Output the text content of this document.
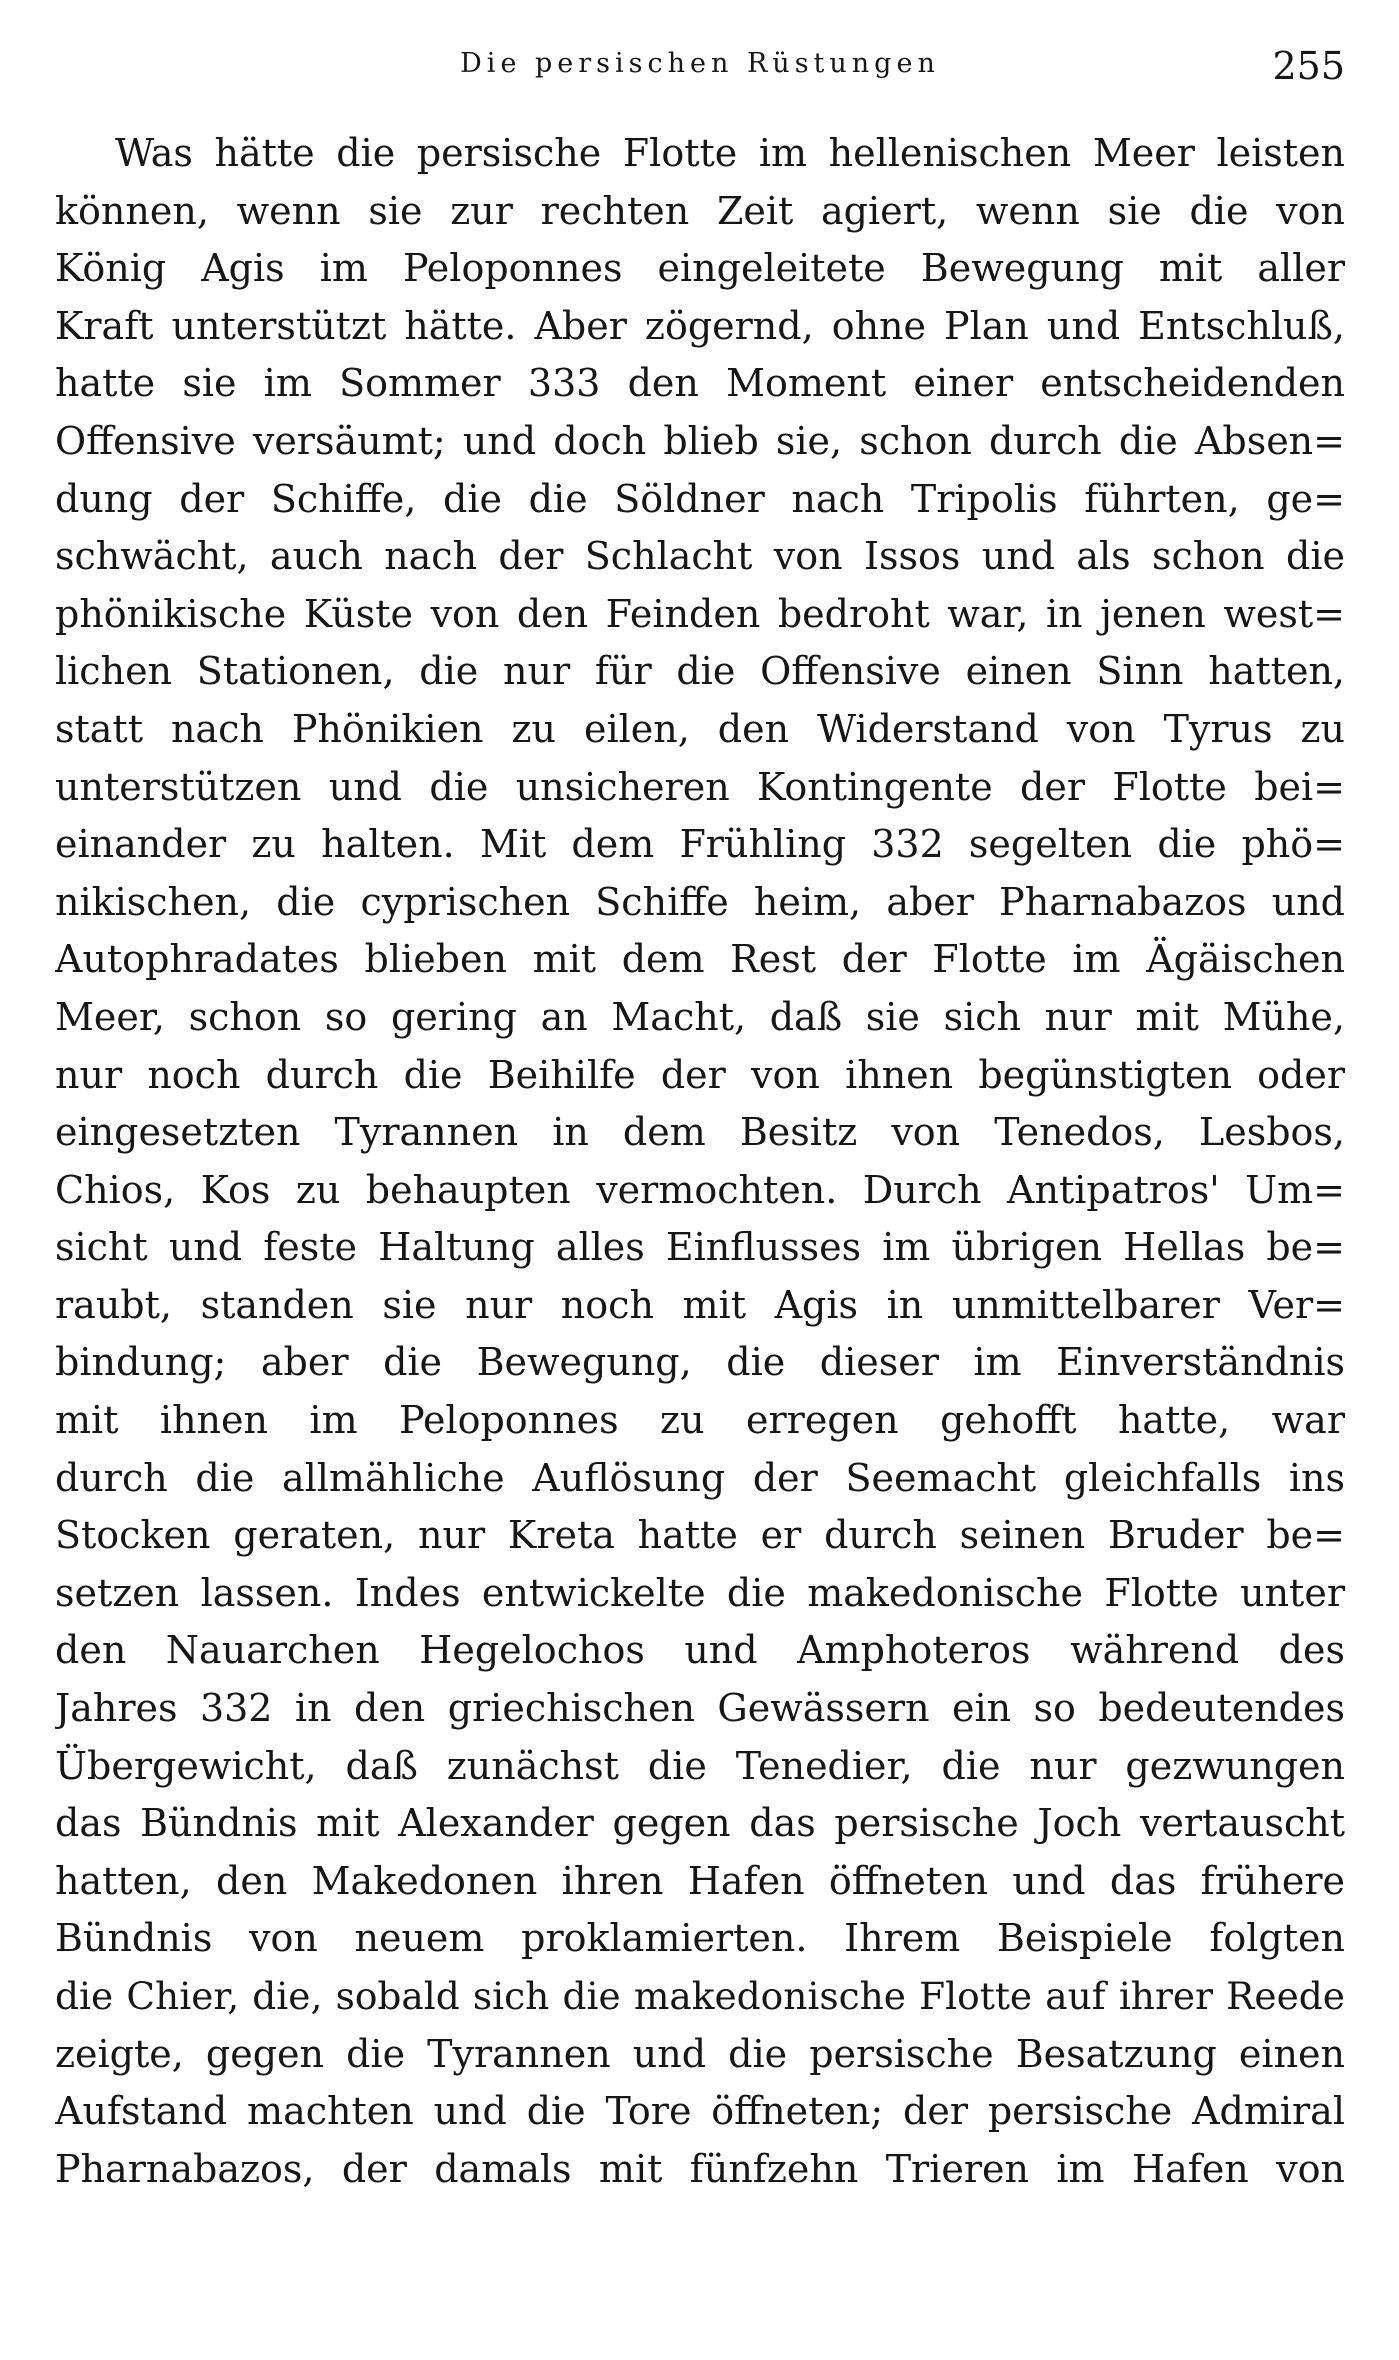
Die persischen Rüstungen	255
Was hätte die persische Flotte im hellenischen Meer leisten
können, wenn sie zur rechten Zeit agiert, wenn sie die von
König Agis im Peloponnes eingeleitete Bewegung mit aller
Kraft unterstützt hätte. Aber zögernd, ohne Plan und Entschluß,
hatte sie im Sommer 333 den Moment einer entscheidenden
Offensive versäumt; und doch blieb sie, schon durch die Absen=
dung der Schiffe, die die Söldner nach Tripolis führten, ge=
schwächt, auch nach der Schlacht von Issos und als schon die
phönikische Küste von den Feinden bedroht war, in jenen west=
lichen Stationen, die nur für die Offensive einen Sinn hatten,
statt nach Phönikien zu eilen, den Widerstand von Tyrus zu
unterstützen und die unsicheren Kontingente der Flotte bei=
einander zu halten. Mit dem Frühling 332 segelten die phö=
nikischen, die cyprischen Schiffe heim, aber Pharnabazos und
Autophradates blieben mit dem Rest der Flotte im Ägäischen
Meer, schon so gering an Macht, daß sie sich nur mit Mühe,
nur noch durch die Beihilfe der von ihnen begünstigten oder
eingesetzten Tyrannen in dem Besitz von Tenedos, Lesbos,
Chios, Kos zu behaupten vermochten. Durch Antipatros' Um=
sicht und feste Haltung alles Einflusses im übrigen Hellas be=
raubt, standen sie nur noch mit Agis in unmittelbarer Ver=
bindung; aber die Bewegung, die dieser im Einverständnis
mit ihnen im Peloponnes zu erregen gehofft hatte, war
durch die allmähliche Auflösung der Seemacht gleichfalls ins
Stocken geraten, nur Kreta hatte er durch seinen Bruder be=
setzen lassen. Indes entwickelte die makedonische Flotte unter
den Nauarchen Hegelochos und Amphoteros während des
Jahres 332 in den griechischen Gewässern ein so bedeutendes
Übergewicht, daß zunächst die Tenedier, die nur gezwungen
das Bündnis mit Alexander gegen das persische Joch vertauscht
hatten, den Makedonen ihren Hafen öffneten und das frühere
Bündnis von neuem proklamierten. Ihrem Beispiele folgten
die Chier, die, sobald sich die makedonische Flotte auf ihrer Reede
zeigte, gegen die Tyrannen und die persische Besatzung einen
Aufstand machten und die Tore öffneten; der persische Admiral
Pharnabazos, der damals mit fünfzehn Trieren im Hafen von
